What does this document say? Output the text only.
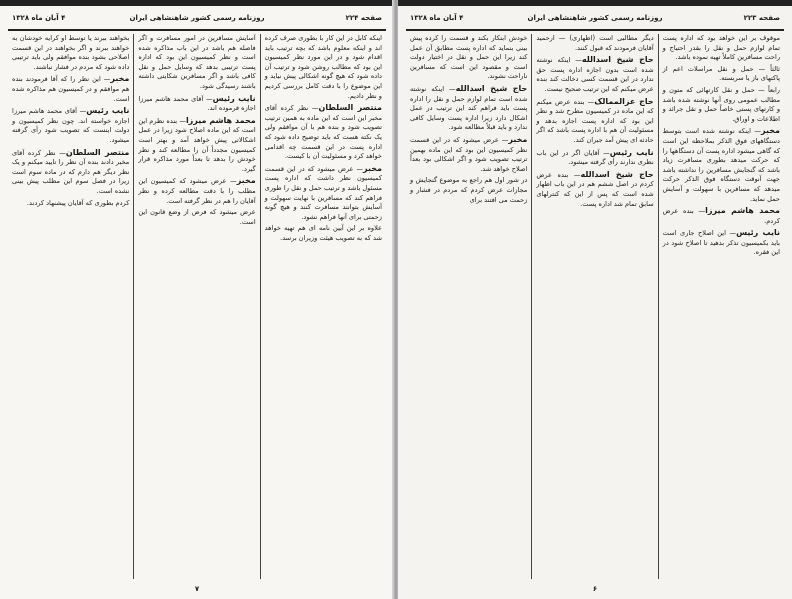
صفحه ۲۲۴
روزنامه رسمی کشور شاهنشاهی ایران
۴ آبان ماه ۱۳۲۸

اینکه کابل در این کار با بطوری صرف کرده اند و اینکه معلوم باشد که بچه ترتیب باید اقدام شود و در این مورد نظر کمیسیون این بود که مطالب روشن شود و ترتیب آن داده شود که هیچ گونه اشکالی پیش نیاید و این موضوع را با دقت کامل بررسی کردیم و نظر دادیم.

منتصر السلطان— نظر کرده آقای مخبر این است که این ماده به همین ترتیب تصویب شود و بنده هم با آن موافقم ولی یک نکته هست که باید توضیح داده شود که اداره پست در این قسمت چه اقدامی خواهد کرد و مسئولیت آن با کیست.

مخبر— عرض میشود که در این قسمت کمیسیون نظر داشت که اداره پست مسئول باشد و ترتیب حمل و نقل را طوری فراهم کند که مسافرین با نهایت سهولت و آسایش بتوانند مسافرت کنند و هیچ گونه زحمتی برای آنها فراهم نشود.

علاوه بر این آیین نامه ای هم تهیه خواهد شد که به تصویب هیئت وزیران برسد.

آسایش مسافرین در امور مسافرت و اگر فاصله هم باشد در این باب مذاکره شده است و نظر کمیسیون این بود که اداره پست ترتیبی بدهد که وسایل حمل و نقل کافی باشد و اگر مسافرین شکایتی داشته باشند رسیدگی شود.

نایب رئیس— آقای محمد هاشم میرزا اجازه فرموده اند.

محمد هاشم میرزا— بنده نظرم این است که این ماده اصلاح شود زیرا در عمل اشکالاتی پیش خواهد آمد و بهتر است کمیسیون مجدداً آن را مطالعه کند و نظر خودش را بدهد تا بعداً مورد مذاکره قرار گیرد.

مخبر— عرض میشود که کمیسیون این مطلب را با دقت مطالعه کرده و نظر آقایان را هم در نظر گرفته است.

عرض میشود که فرض از وضع قانون این است.

بخواهند ببرند یا توسط او کرایه خودشان به خواهند ببرند و اگر بخواهند در این قسمت اصلاحی بشود بنده موافقم ولی باید ترتیبی داده شود که مردم در فشار نباشند.

مخبر— این نظر را که آقا فرمودند بنده هم موافقم و در کمیسیون هم مذاکره شده است.

نایب رئیس— آقای محمد هاشم میرزا اجازه خواسته اند. چون نظر کمیسیون و دولت اینست که تصویب شود رأی گرفته میشود.

منتصر السلطان— نظر کرده آقای مخبر دادند بنده آن نظر را تایید میکنم و یک نظر دیگر هم دارم که در ماده سوم است زیرا در فصل سوم این مطلب پیش بینی نشده است.

کردم بطوری که آقایان پیشنهاد کردند.

۷
صفحه ۲۲۳
روزنامه رسمی کشور شاهنشاهی ایران
۴ آبان ماه ۱۳۲۸

موقوف بر این خواهد بود که اداره پست تمام لوازم حمل و نقل را بقدر احتیاج و راحت مسافرین کاملاً تهیه نموده باشد.

ثالثاً — حمل و نقل مراسلات اعم از پاکتهای باز یا سربسته.

رابعاً — حمل و نقل کارتهائی که متون و مطالب عمومی روی آنها نوشته شده باشد و کارتهای پستی خاصاً حمل و نقل جرائد و اطلاعات و اوراق.

مخبر— اینکه نوشته شده است بتوسط دستگاههای فوق الذکر بملاحظه این است که گاهی میشود اداره پست آن دستگاهها را که حرکت میدهد بطوری مسافرت زیاد باشد که گنجایش مسافرین را نداشته باشد جهت آنوقت دستگاه فوق الذکر حرکت میدهد که مسافرین با سهولت و آسایش حمل نماید.

محمد هاشم میرزا— بنده عرض کردم.

نایب رئیس— این اصلاح جاری است باید بکمیسیون تذکر بدهید تا اصلاح شود در این فقره.

دیگر مطالبی است (اظهاری) — ارحمید آقایان فرمودند که قبول کنند.

حاج شیخ اسدالله— اینکه نوشته شده است بدون اجازه اداره پست حق ندارد در این قسمت کسی دخالت کند بنده عرض میکنم که این ترتیب صحیح نیست.

حاج عزالممالک— بنده عرض میکنم که این ماده در کمیسیون مطرح شد و نظر این بود که اداره پست اجازه بدهد و مسئولیت آن هم با اداره پست باشد که اگر حادثه ای پیش آمد جبران کند.

نایب رئیس— آقایان اگر در این باب نظری ندارند رأی گرفته میشود.

حاج شیخ اسدالله— بنده عرض کردم در اصل ششم هم در این باب اظهار شده است که پس از این که کنترلهای سابق تمام شد اداره پست.

خودش ابتکار بکند و قسمت را کرده پیش بینی بنماید که اداره پست مطابق آن عمل کند زیرا این حمل و نقل در اختیار دولت است و مقصود این است که مسافرین ناراحت نشوند.

حاج شیخ اسدالله— اینکه نوشته شده است تمام لوازم حمل و نقل را اداره پست باید فراهم کند این ترتیب در عمل اشکال دارد زیرا اداره پست وسایل کافی ندارد و باید قبلاً مطالعه شود.

مخبر— عرض میشود که در این قسمت نظر کمیسیون این بود که این ماده بهمین ترتیب تصویب شود و اگر اشکالی بود بعداً اصلاح خواهد شد.

در شور اول هم راجع به موضوع گنجایش و مجازات عرض کردم که مردم در فشار و زحمت می افتند برای

۶
